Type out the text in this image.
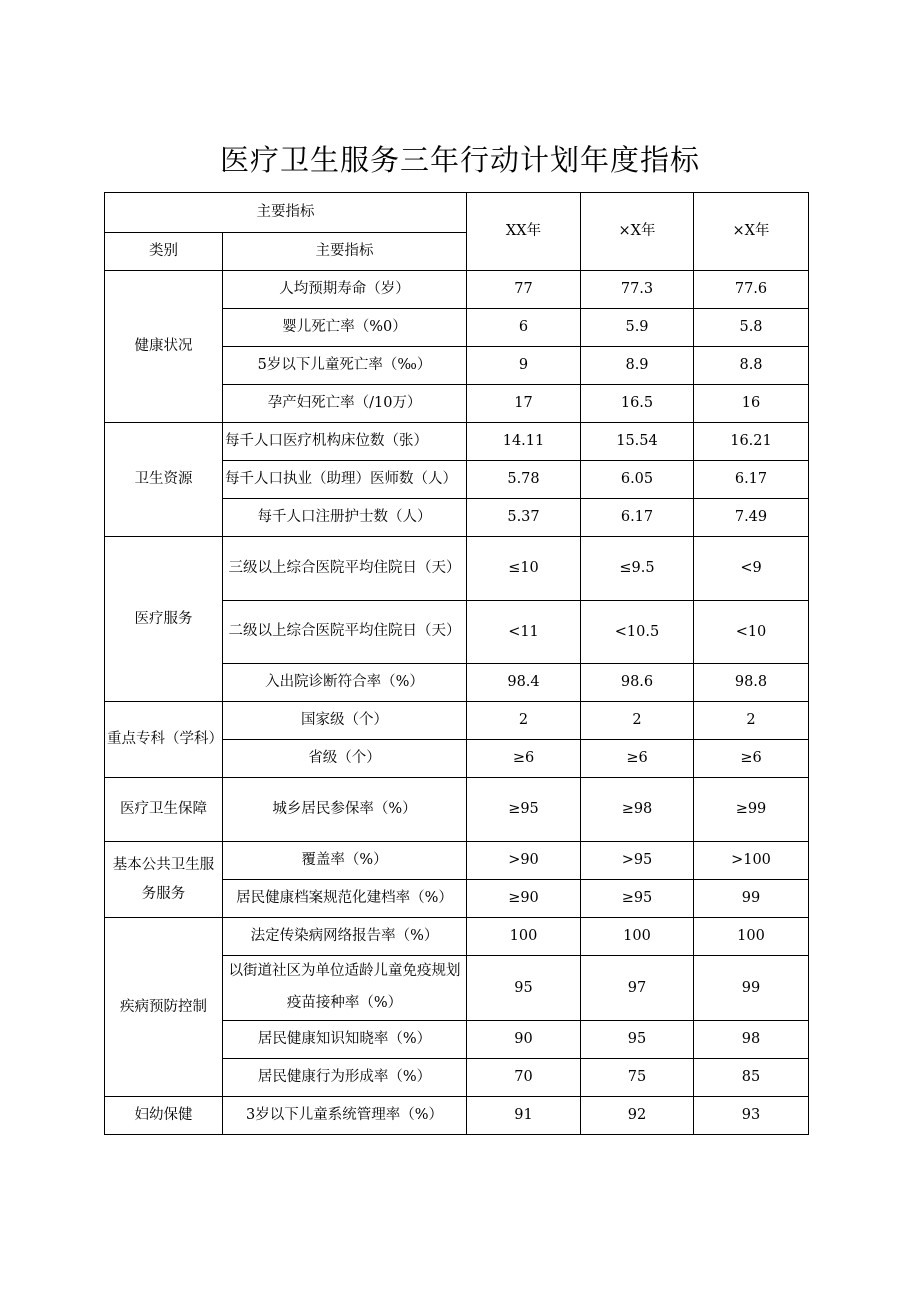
医疗卫生服务三年行动计划年度指标
主要指标		XX年	×X年	×X年
类别	主要指标			
健康状况	人均预期寿命（岁）	77	77.3	77.6
	婴儿死亡率（%0）	6	5.9	5.8
	5岁以下儿童死亡率（‰）	9	8.9	8.8
	孕产妇死亡率（/10万）	17	16.5	16
卫生资源	每千人口医疗机构床位数（张）	14.11	15.54	16.21
	每千人口执业（助理）医师数（人）	5.78	6.05	6.17
	每千人口注册护士数（人）	5.37	6.17	7.49
医疗服务	三级以上综合医院平均住院日（天）	≤10	≤9.5	<9
	二级以上综合医院平均住院日（天）	<11	<10.5	<10
	入出院诊断符合率（%）	98.4	98.6	98.8
重点专科（学科）	国家级（个）	2	2	2
	省级（个）	≥6	≥6	≥6
医疗卫生保障	城乡居民参保率（%）	≥95	≥98	≥99
基本公共卫生服务服务	覆盖率（%）	>90	>95	>100
	居民健康档案规范化建档率（%）	≥90	≥95	99
疾病预防控制	法定传染病网络报告率（%）	100	100	100
	以街道社区为单位适龄儿童免疫规划疫苗接种率（%）	95	97	99
	居民健康知识知晓率（%）	90	95	98
	居民健康行为形成率（%）	70	75	85
妇幼保健	3岁以下儿童系统管理率（%）	91	92	93
